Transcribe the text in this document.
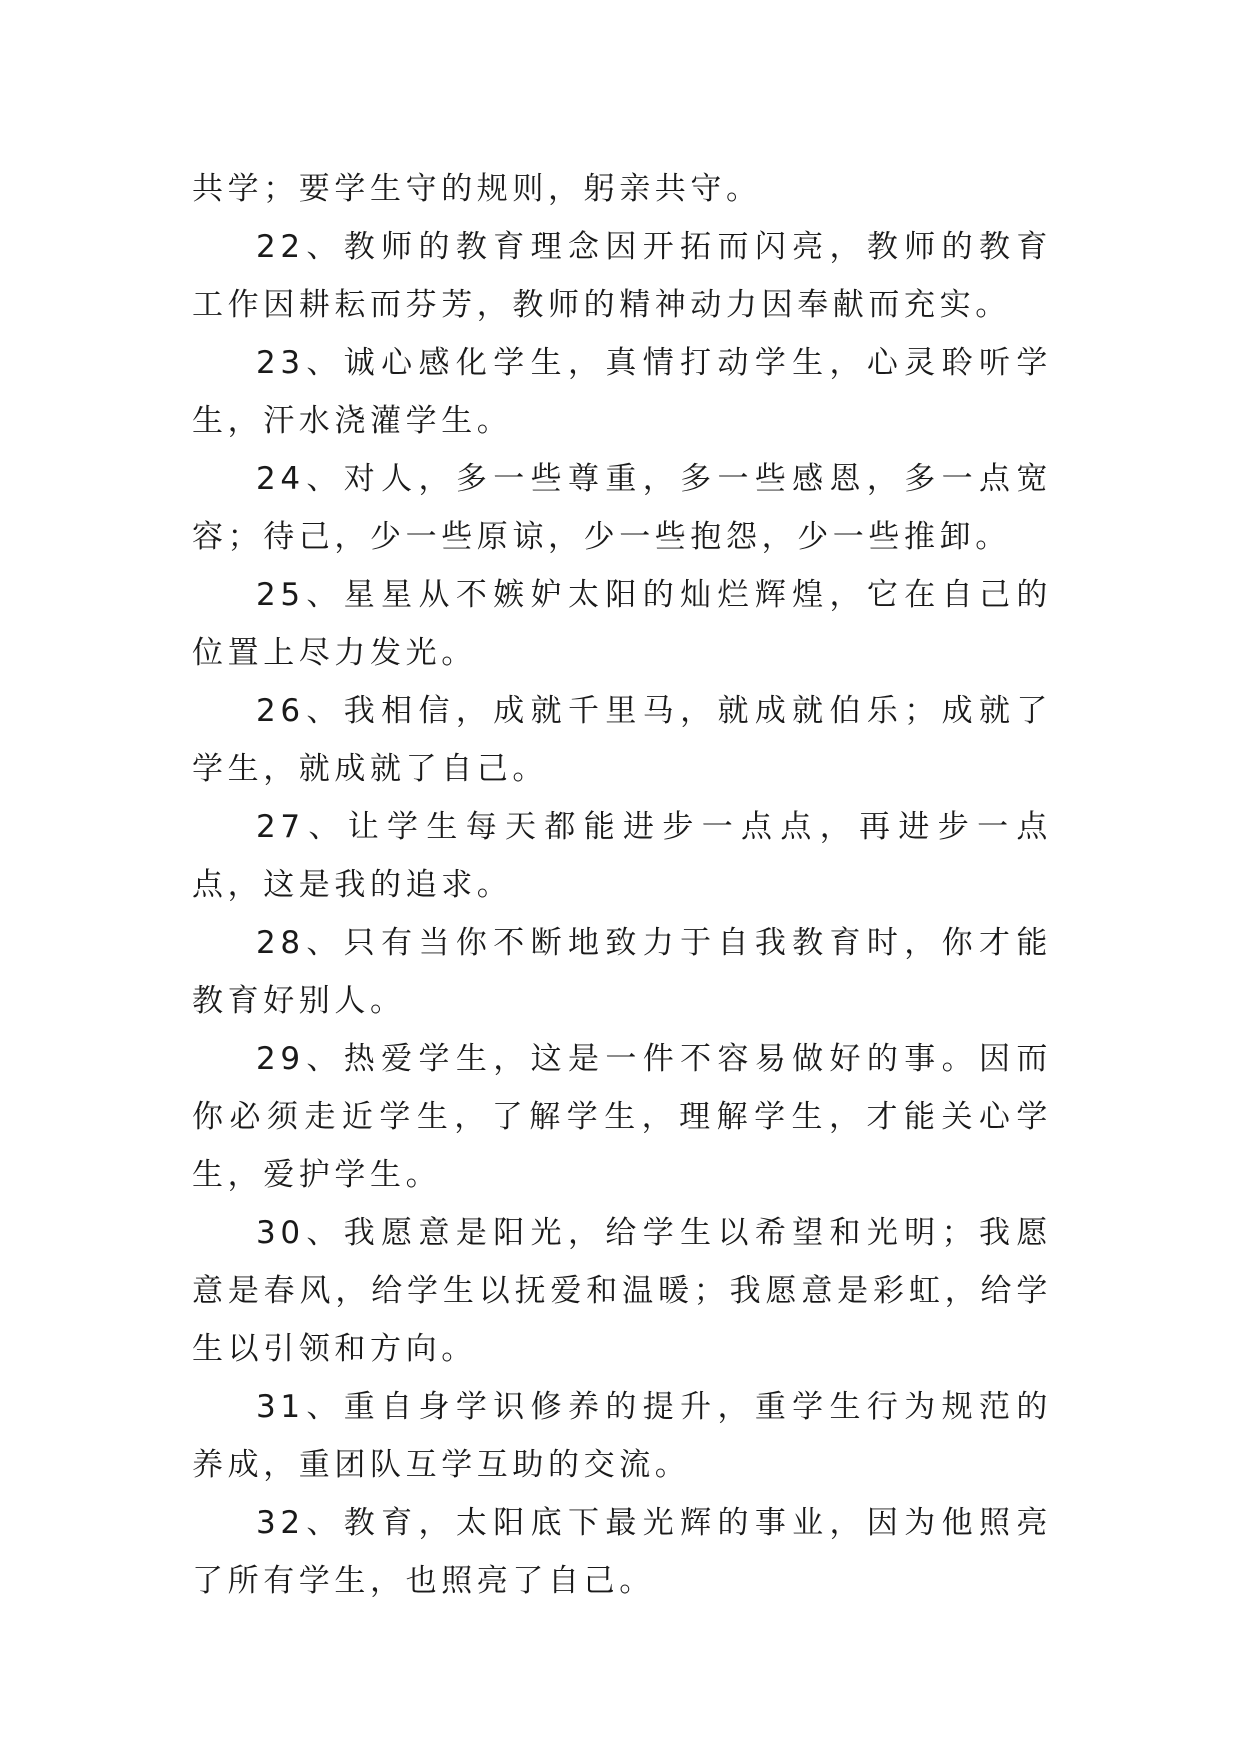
共学；要学生守的规则，躬亲共守。

22、教师的教育理念因开拓而闪亮，教师的教育工作因耕耘而芬芳，教师的精神动力因奉献而充实。

23、诚心感化学生，真情打动学生，心灵聆听学生，汗水浇灌学生。

24、对人，多一些尊重，多一些感恩，多一点宽容；待己，少一些原谅，少一些抱怨，少一些推卸。

25、星星从不嫉妒太阳的灿烂辉煌，它在自己的位置上尽力发光。

26、我相信，成就千里马，就成就伯乐；成就了学生，就成就了自己。

27、让学生每天都能进步一点点，再进步一点点，这是我的追求。

28、只有当你不断地致力于自我教育时，你才能教育好别人。

29、热爱学生，这是一件不容易做好的事。因而你必须走近学生，了解学生，理解学生，才能关心学生，爱护学生。

30、我愿意是阳光，给学生以希望和光明；我愿意是春风，给学生以抚爱和温暖；我愿意是彩虹，给学生以引领和方向。

31、重自身学识修养的提升，重学生行为规范的养成，重团队互学互助的交流。

32、教育，太阳底下最光辉的事业，因为他照亮了所有学生，也照亮了自己。
